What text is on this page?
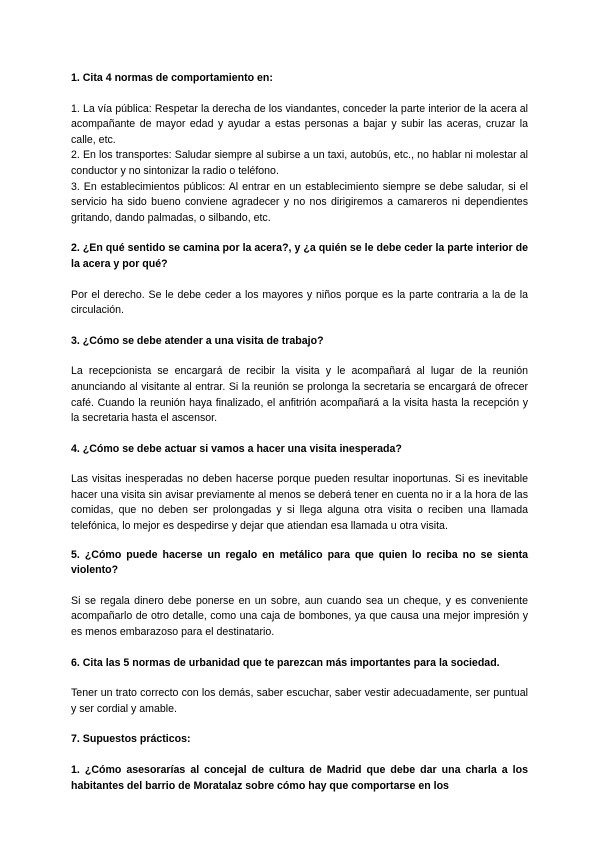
1. Cita 4 normas de comportamiento en:

1. La vía pública: Respetar la derecha de los viandantes, conceder la parte interior de la acera al acompañante de mayor edad y ayudar a estas personas a bajar y subir las aceras, cruzar la calle, etc.

2. En los transportes: Saludar siempre al subirse a un taxi, autobús, etc., no hablar ni molestar al conductor y no sintonizar la radio o teléfono.

3. En establecimientos públicos: Al entrar en un establecimiento siempre se debe saludar, si el servicio ha sido bueno conviene agradecer y no nos dirigiremos a camareros ni dependientes gritando, dando palmadas, o silbando, etc.

2. ¿En qué sentido se camina por la acera?, y ¿a quién se le debe ceder la parte interior de la acera y por qué?

Por el derecho. Se le debe ceder a los mayores y niños porque es la parte contraria a la de la circulación.

3. ¿Cómo se debe atender a una visita de trabajo?

La recepcionista se encargará de recibir la visita y le acompañará al lugar de la reunión anunciando al visitante al entrar. Si la reunión se prolonga la secretaria se encargará de ofrecer café. Cuando la reunión haya finalizado, el anfitrión acompañará a la visita hasta la recepción y la secretaria hasta el ascensor.

4. ¿Cómo se debe actuar si vamos a hacer una visita inesperada?

Las visitas inesperadas no deben hacerse porque pueden resultar inoportunas. Si es inevitable hacer una visita sin avisar previamente al menos se deberá tener en cuenta no ir a la hora de las comidas, que no deben ser prolongadas y si llega alguna otra visita o reciben una llamada telefónica, lo mejor es despedirse y dejar que atiendan esa llamada u otra visita.

5. ¿Cómo puede hacerse un regalo en metálico para que quien lo reciba no se sienta violento?

Si se regala dinero debe ponerse en un sobre, aun cuando sea un cheque, y es conveniente acompañarlo de otro detalle, como una caja de bombones, ya que causa una mejor impresión y es menos embarazoso para el destinatario.

6. Cita las 5 normas de urbanidad que te parezcan más importantes para la sociedad.

Tener un trato correcto con los demás, saber escuchar, saber vestir adecuadamente, ser puntual y ser cordial y amable.

7. Supuestos prácticos:

1. ¿Cómo asesorarías al concejal de cultura de Madrid que debe dar una charla a los habitantes del barrio de Moratalaz sobre cómo hay que comportarse en los
